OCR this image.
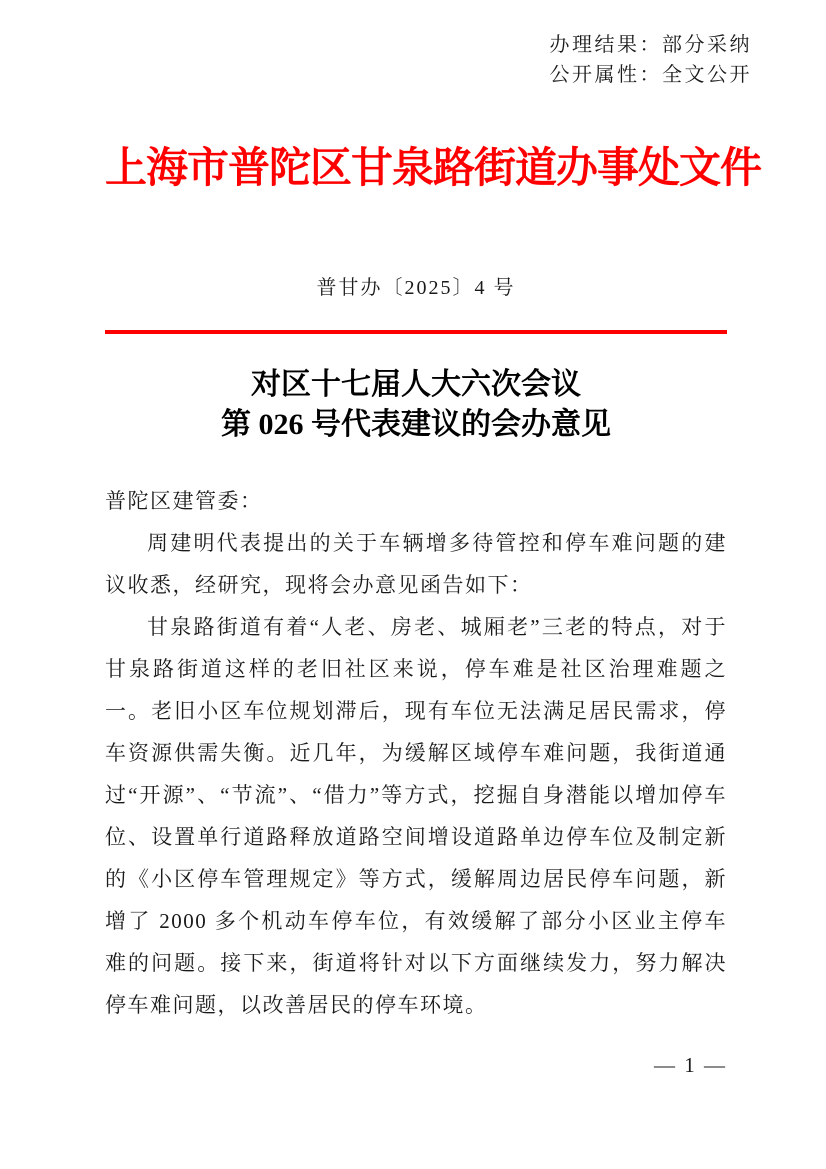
办理结果：部分采纳
公开属性：全文公开
上海市普陀区甘泉路街道办事处文件
普甘办〔2025〕4 号
对区十七届人大六次会议
第 026 号代表建议的会办意见

普陀区建管委：

周建明代表提出的关于车辆增多待管控和停车难问题的建议收悉，经研究，现将会办意见函告如下：

甘泉路街道有着“人老、房老、城厢老”三老的特点，对于甘泉路街道这样的老旧社区来说，停车难是社区治理难题之一。老旧小区车位规划滞后，现有车位无法满足居民需求，停车资源供需失衡。近几年，为缓解区域停车难问题，我街道通过“开源”、“节流”、“借力”等方式，挖掘自身潜能以增加停车位、设置单行道路释放道路空间增设道路单边停车位及制定新的《小区停车管理规定》等方式，缓解周边居民停车问题，新增了 2000 多个机动车停车位，有效缓解了部分小区业主停车难的问题。接下来，街道将针对以下方面继续发力，努力解决停车难问题，以改善居民的停车环境。

— 1 —
